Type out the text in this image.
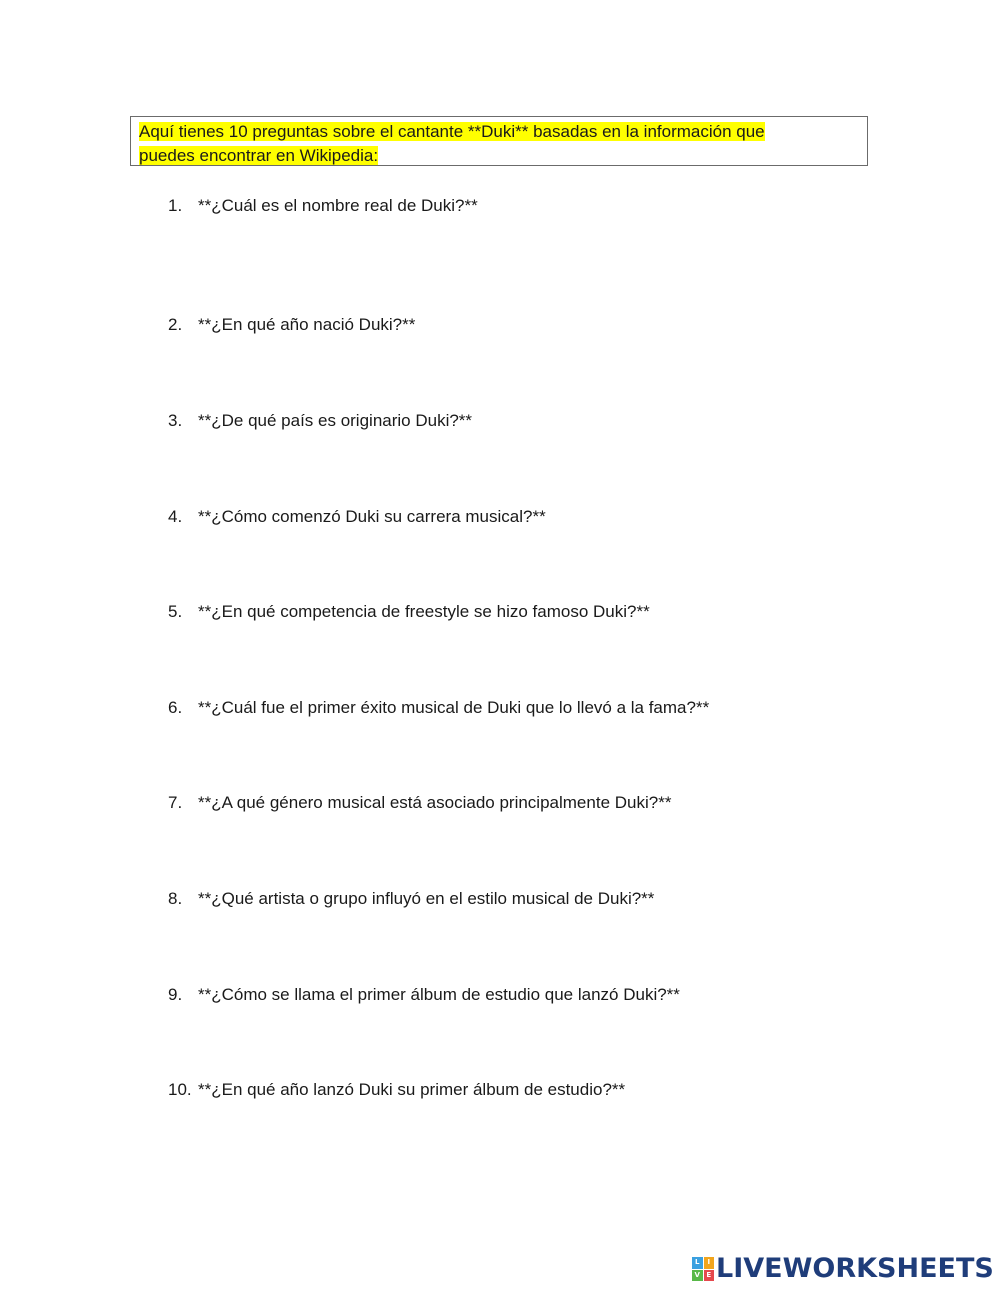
Aquí tienes 10 preguntas sobre el cantante **Duki** basadas en la información que
puedes encontrar en Wikipedia:
1. **¿Cuál es el nombre real de Duki?**
2. **¿En qué año nació Duki?**
3. **¿De qué país es originario Duki?**
4. **¿Cómo comenzó Duki su carrera musical?**
5. **¿En qué competencia de freestyle se hizo famoso Duki?**
6. **¿Cuál fue el primer éxito musical de Duki que lo llevó a la fama?**
7. **¿A qué género musical está asociado principalmente Duki?**
8. **¿Qué artista o grupo influyó en el estilo musical de Duki?**
9. **¿Cómo se llama el primer álbum de estudio que lanzó Duki?**
10. **¿En qué año lanzó Duki su primer álbum de estudio?**
L	I
V E LIVEWORKSHEETS
